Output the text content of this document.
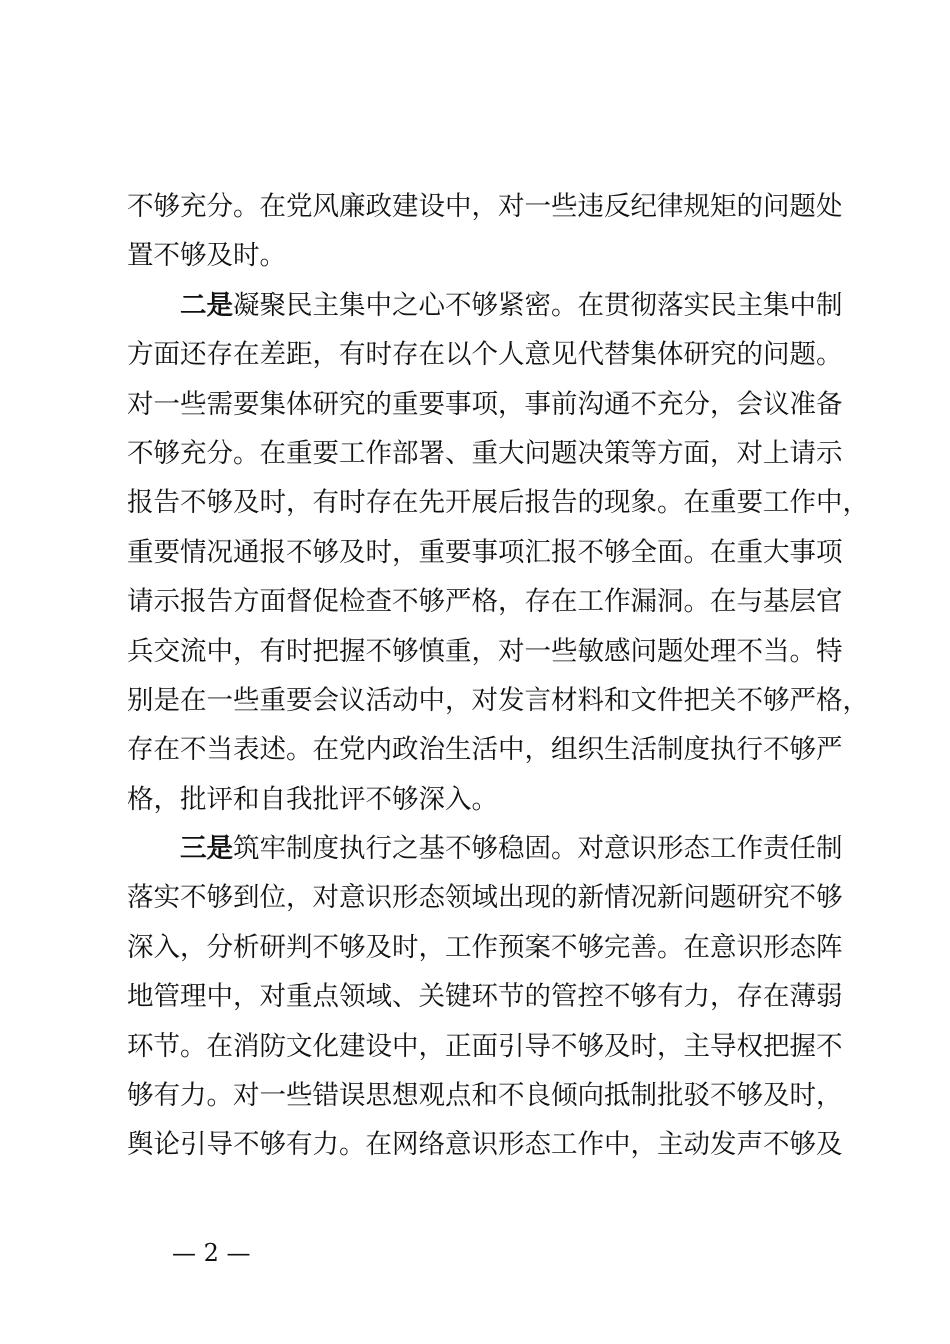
不够充分。在党风廉政建设中，对一些违反纪律规矩的问题处
置不够及时。
二是凝聚民主集中之心不够紧密。在贯彻落实民主集中制
方面还存在差距，有时存在以个人意见代替集体研究的问题。
对一些需要集体研究的重要事项，事前沟通不充分，会议准备
不够充分。在重要工作部署、重大问题决策等方面，对上请示
报告不够及时，有时存在先开展后报告的现象。在重要工作中，
重要情况通报不够及时，重要事项汇报不够全面。在重大事项
请示报告方面督促检查不够严格，存在工作漏洞。在与基层官
兵交流中，有时把握不够慎重，对一些敏感问题处理不当。特
别是在一些重要会议活动中，对发言材料和文件把关不够严格，
存在不当表述。在党内政治生活中，组织生活制度执行不够严
格，批评和自我批评不够深入。
三是筑牢制度执行之基不够稳固。对意识形态工作责任制
落实不够到位，对意识形态领域出现的新情况新问题研究不够
深入，分析研判不够及时，工作预案不够完善。在意识形态阵
地管理中，对重点领域、关键环节的管控不够有力，存在薄弱
环节。在消防文化建设中，正面引导不够及时，主导权把握不
够有力。对一些错误思想观点和不良倾向抵制批驳不够及时，
舆论引导不够有力。在网络意识形态工作中，主动发声不够及
— 2 —
